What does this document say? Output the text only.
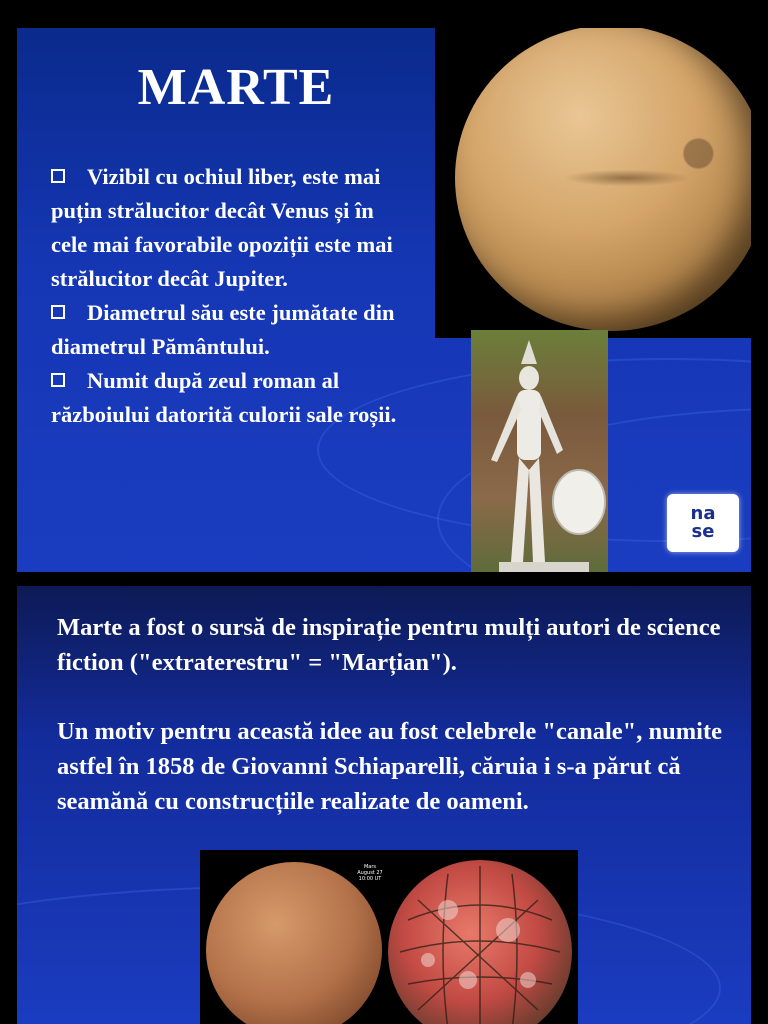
MARTE

Vizibil cu ochiul liber, este mai puțin strălucitor decât Venus și în cele mai favorabile opoziții este mai strălucitor decât Jupiter.

Diametrul său este jumătate din diametrul Pământului.

Numit după zeul roman al războiului datorită culorii sale roșii.

na
se

Marte a fost o sursă de inspirație pentru mulți autori de science fiction ("extraterestru" = "Marțian").

Un motiv pentru această idee au fost celebrele "canale", numite astfel în 1858 de Giovanni Schiaparelli, căruia i s-a părut că seamănă cu construcțiile realizate de oameni.

Mars
August 27
10:00 UT
